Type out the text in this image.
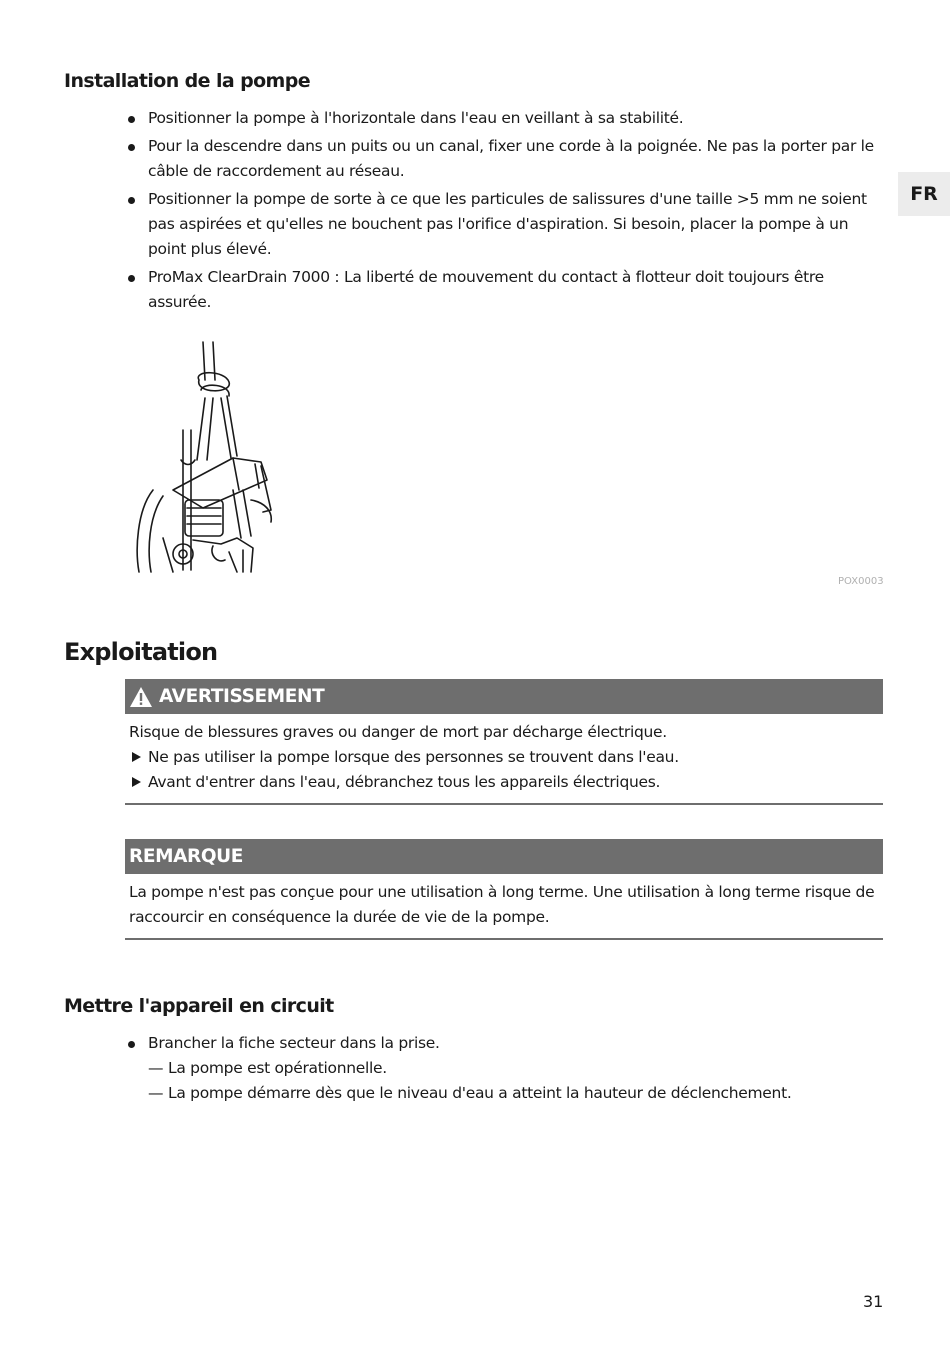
FR
Installation de la pompe
Positionner la pompe à l'horizontale dans l'eau en veillant à sa stabilité.
Pour la descendre dans un puits ou un canal, fixer une corde à la poignée. Ne pas la porter par le câble de raccordement au réseau.
Positionner la pompe de sorte à ce que les particules de salissures d'une taille >5 mm ne soient pas aspirées et qu'elles ne bouchent pas l'orifice d'aspiration. Si besoin, placer la pompe à un point plus élevé.
ProMax ClearDrain 7000 : La liberté de mouvement du contact à flotteur doit toujours être assurée.
POX0003
Exploitation
AVERTISSEMENT
Risque de blessures graves ou danger de mort par décharge électrique.
Ne pas utiliser la pompe lorsque des personnes se trouvent dans l'eau.
Avant d'entrer dans l'eau, débranchez tous les appareils électriques.
REMARQUE
La pompe n'est pas conçue pour une utilisation à long terme. Une utilisation à long terme risque de raccourcir en conséquence la durée de vie de la pompe.
Mettre l'appareil en circuit
Brancher la fiche secteur dans la prise.
— La pompe est opérationnelle.
— La pompe démarre dès que le niveau d'eau a atteint la hauteur de déclenchement.
31
